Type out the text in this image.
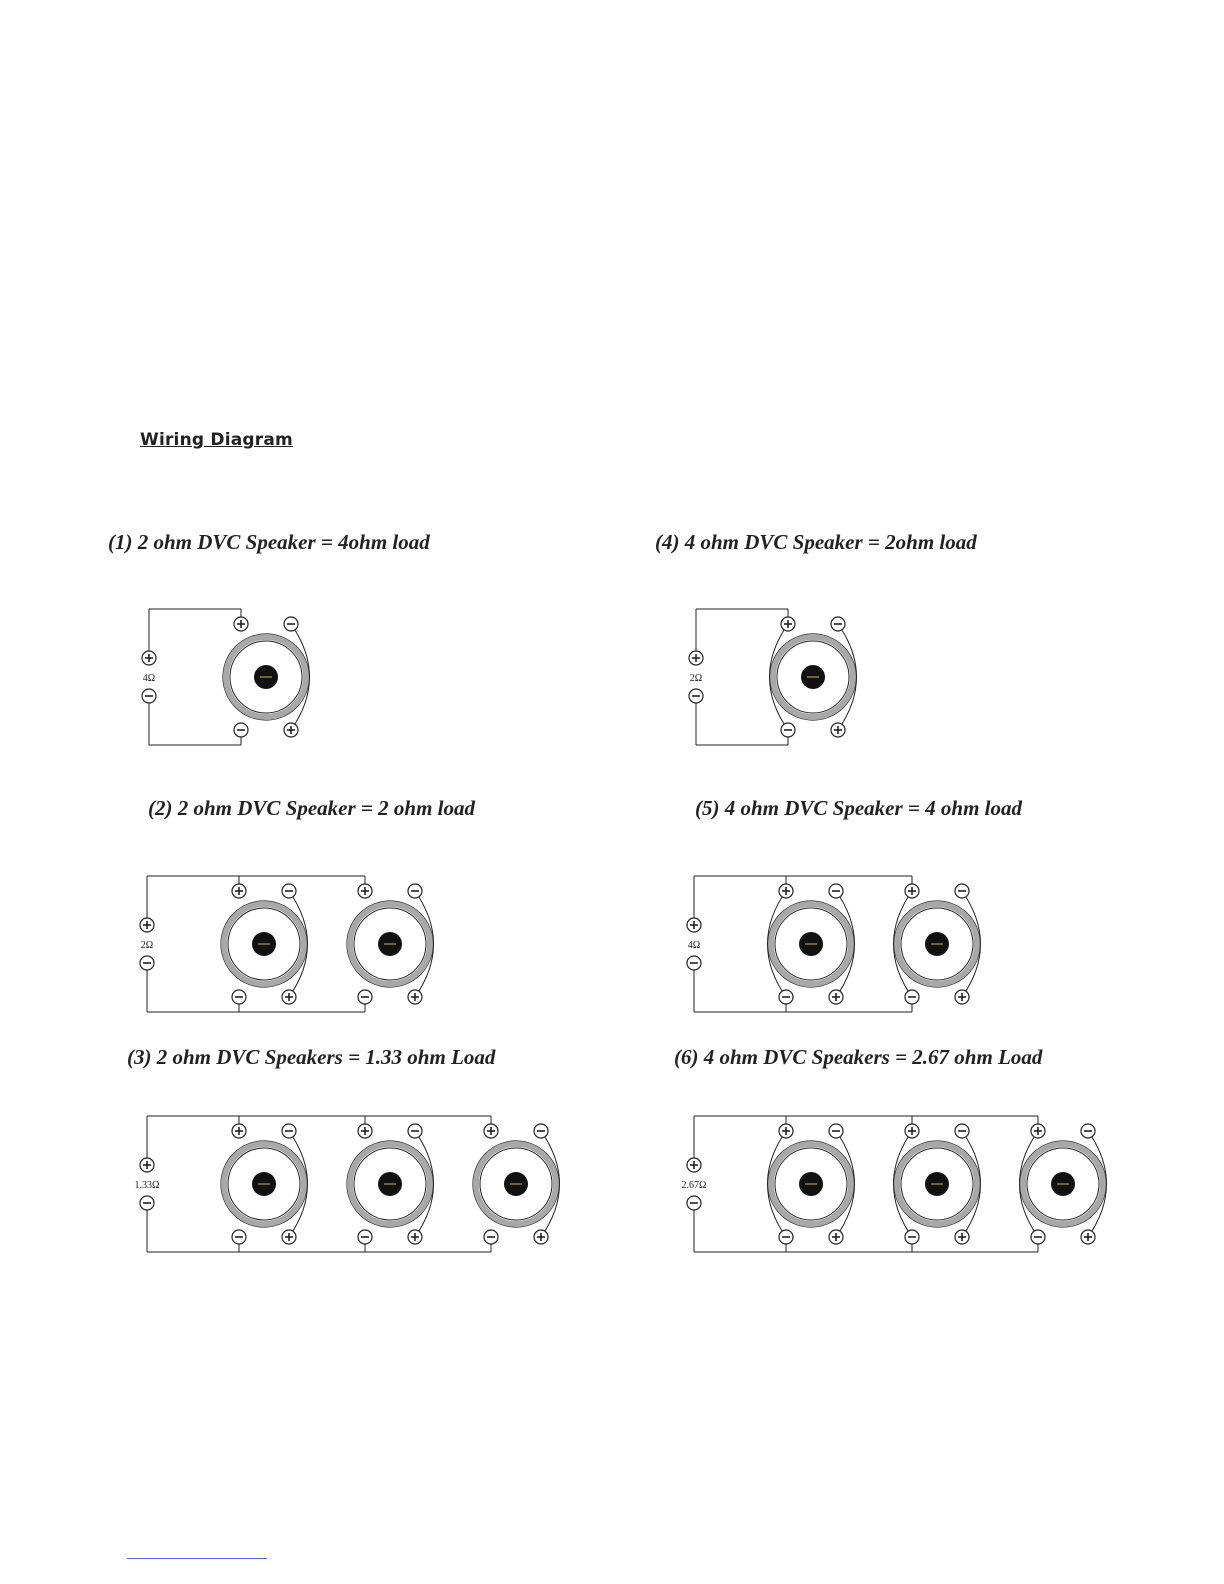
Wiring Diagram
(1) 2 ohm DVC Speaker = 4ohm load	(4) 4 ohm DVC Speaker = 2ohm load
(2) 2 ohm DVC Speaker = 2 ohm load	(5) 4 ohm DVC Speaker = 4 ohm load
(3) 2 ohm DVC Speakers = 1.33 ohm Load	(6) 4 ohm DVC Speakers = 2.67 ohm Load
4Ω
2Ω
1.33Ω
2Ω
4Ω
2.67Ω
